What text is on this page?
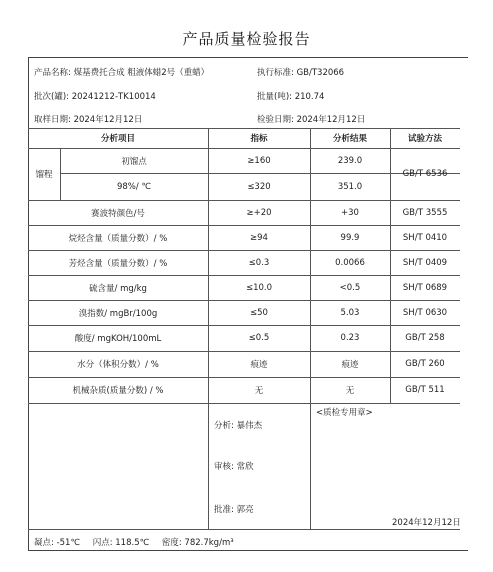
产品质量检验报告
产品名称: 煤基费托合成 粗液体蜡2号（重蜡）	执行标准: GB/T32066
批次(罐): 20241212-TK10014	批量(吨): 210.74
取样日期: 2024年12月12日	检验日期: 2024年12月12日
分析项目	指标	分析结果	试验方法
馏程
初馏点	≥160	239.0
98%/ ℃	≤320	351.0
GB/T 6536
赛波特颜色/号	≥+20	+30	GB/T 3555
烷烃含量（质量分数）/ %	≥94	99.9	SH/T 0410
芳烃含量（质量分数）/ %	≤0.3	0.0066	SH/T 0409
硫含量/ mg/kg	≤10.0	<0.5	SH/T 0689
溴指数/ mgBr/100g	≤50	5.03	SH/T 0630
酸度/ mgKOH/100mL	≤0.5	0.23	GB/T 258
水分（体积分数）/ %	痕迹	痕迹	GB/T 260
机械杂质(质量分数) / %	无	无	GB/T 511
分析: 暴伟杰
审核: 常欣
批准: 郭亮
<质检专用章>
2024年12月12日
凝点: -51℃ 闪点: 118.5℃ 密度: 782.7kg/m³
